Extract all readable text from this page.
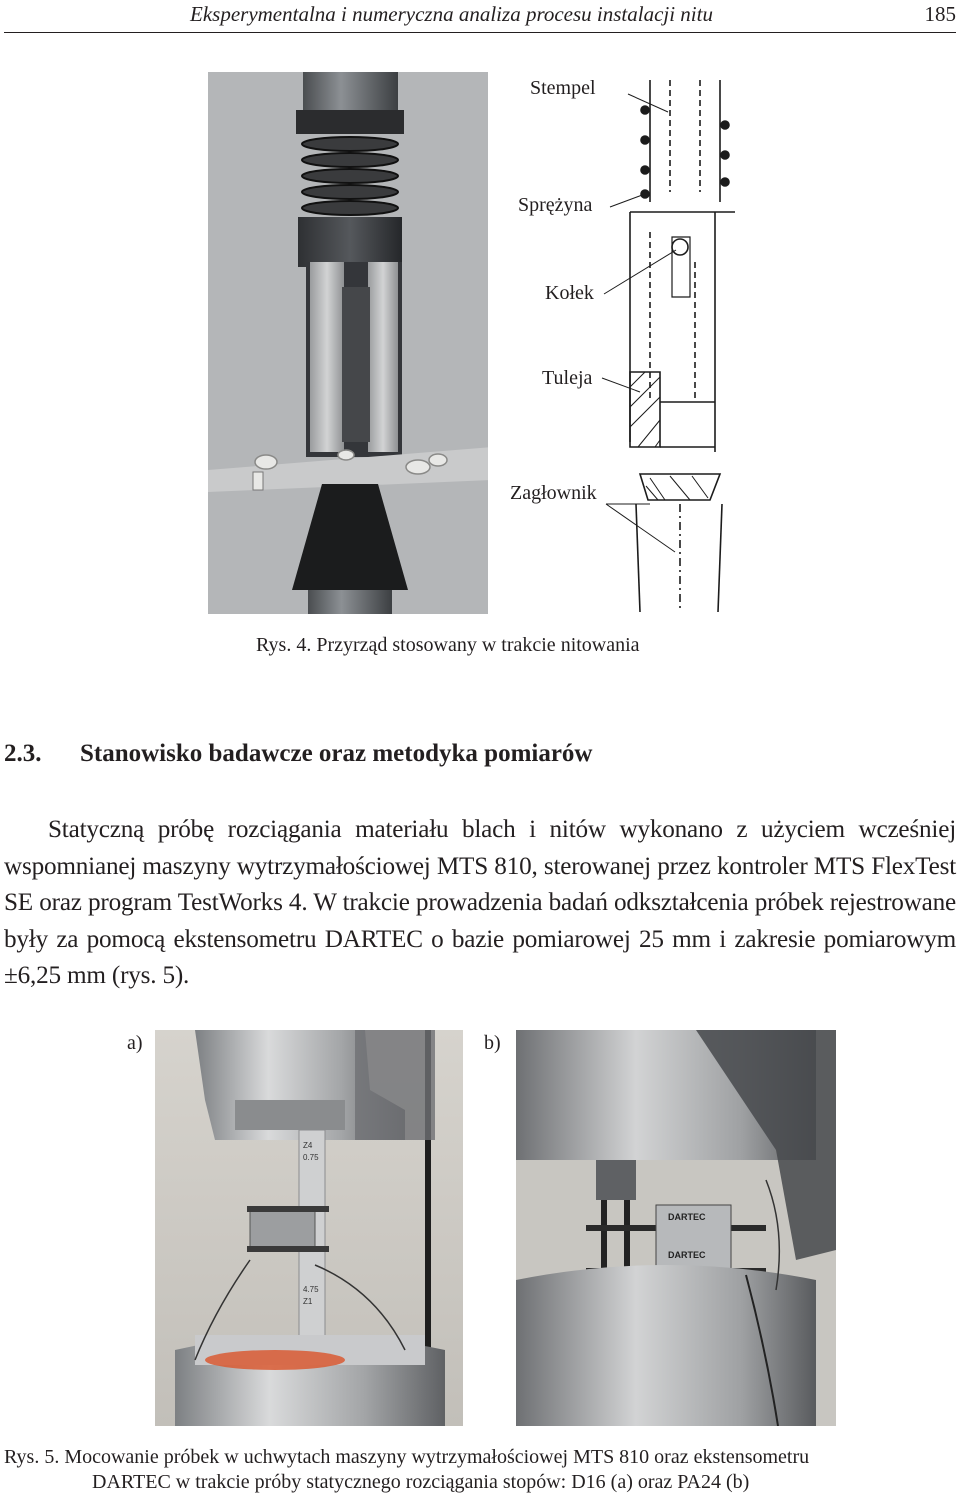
Eksperymentalna i numeryczna analiza procesu instalacji nitu	185
Stempel
Sprężyna
Kołek
Tuleja
Zagłownik
Rys. 4. Przyrząd stosowany w trakcie nitowania
2.3. Stanowisko badawcze oraz metodyka pomiarów

Statyczną próbę rozciągania materiału blach i nitów wykonano z użyciem wcześniej wspomnianej maszyny wytrzymałościowej MTS 810, sterowanej przez kontroler MTS FlexTest SE oraz program TestWorks 4. W trakcie prowadzenia badań odkształcenia próbek rejestrowane były za pomocą ekstensometru DARTEC o bazie pomiarowej 25 mm i zakresie pomiarowym ±6,25 mm (rys. 5).

a)	b)
Z4
0.75
4.75
Z1
DARTEC
DARTEC
Rys. 5. Mocowanie próbek w uchwytach maszyny wytrzymałościowej MTS 810 oraz ekstensometru
DARTEC w trakcie próby statycznego rozciągania stopów: D16 (a) oraz PA24 (b)
